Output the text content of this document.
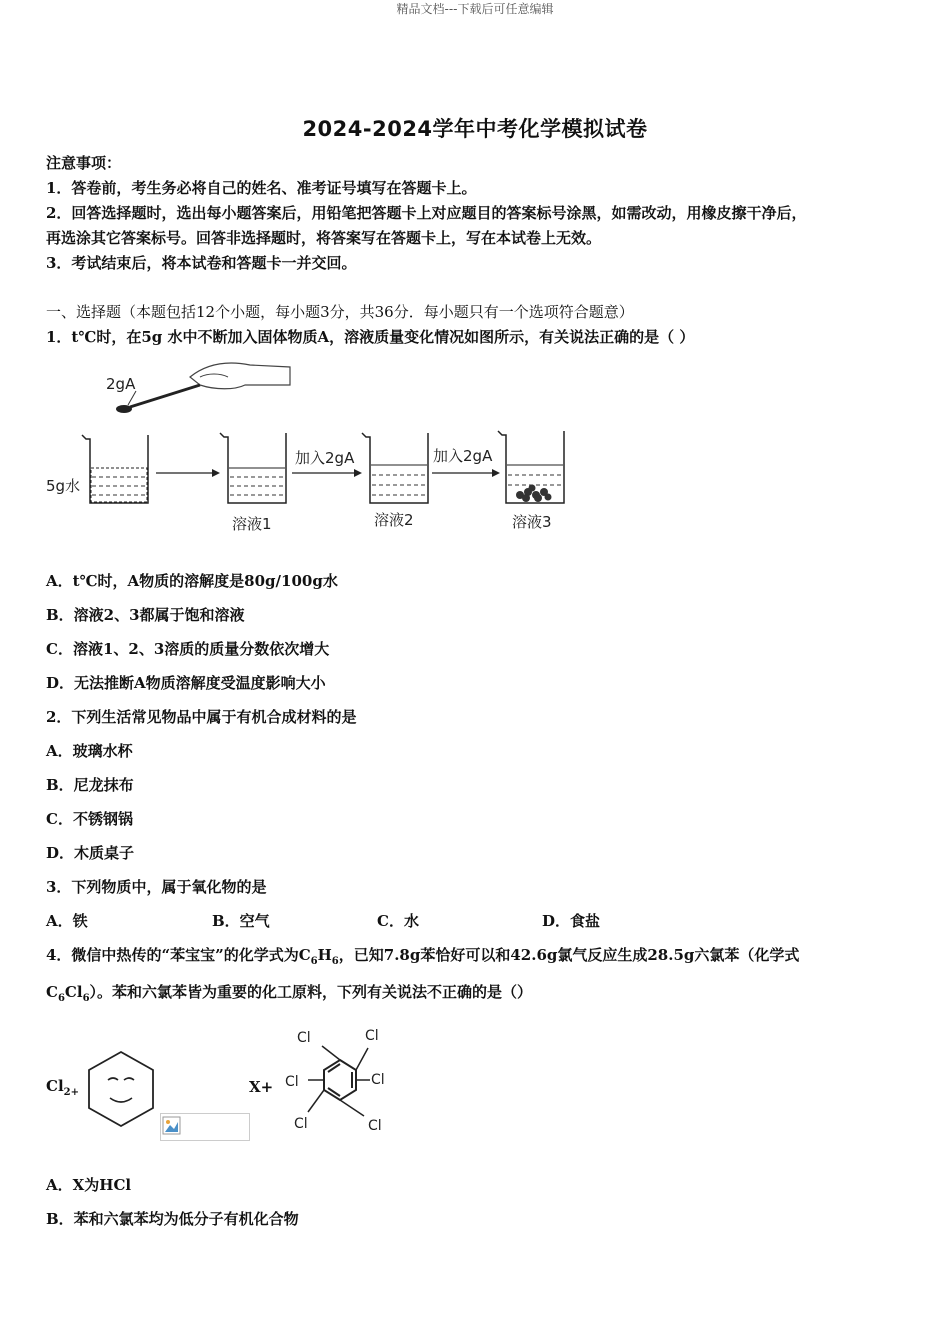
精品文档---下载后可任意编辑
2024-2024学年中考化学模拟试卷
注意事项：
1．答卷前，考生务必将自己的姓名、准考证号填写在答题卡上。
2．回答选择题时，选出每小题答案后，用铅笔把答题卡上对应题目的答案标号涂黑，如需改动，用橡皮擦干净后，
再选涂其它答案标号。回答非选择题时，将答案写在答题卡上，写在本试卷上无效。
3．考试结束后，将本试卷和答题卡一并交回。
一、选择题（本题包括12个小题，每小题3分，共36分．每小题只有一个选项符合题意）
1．t℃时，在5g 水中不断加入固体物质A，溶液质量变化情况如图所示，有关说法正确的是（ ）
2gA
5g水
溶液1
加入2gA
溶液2
加入2gA
溶液3
A．t℃时，A物质的溶解度是80g/100g水
B．溶液2、3都属于饱和溶液
C．溶液1、2、3溶质的质量分数依次增大
D．无法推断A物质溶解度受温度影响大小
2．下列生活常见物品中属于有机合成材料的是
A．玻璃水杯
B．尼龙抹布
C．不锈钢锅
D．木质桌子
3．下列物质中，属于氧化物的是
A．铁	B．空气	C．水	D．食盐
4．微信中热传的“苯宝宝”的化学式为$C_6H_6$，已知7.8g苯恰好可以和42.6g氯气反应生成28.5g六氯苯（化学式
$C_6Cl_6$）。苯和六氯苯皆为重要的化工原料，下列有关说法不正确的是（）
$Cl_{2+}$	X+
Cl	Cl
Cl	Cl
Cl	Cl
A．X为HCl
B．苯和六氯苯均为低分子有机化合物
